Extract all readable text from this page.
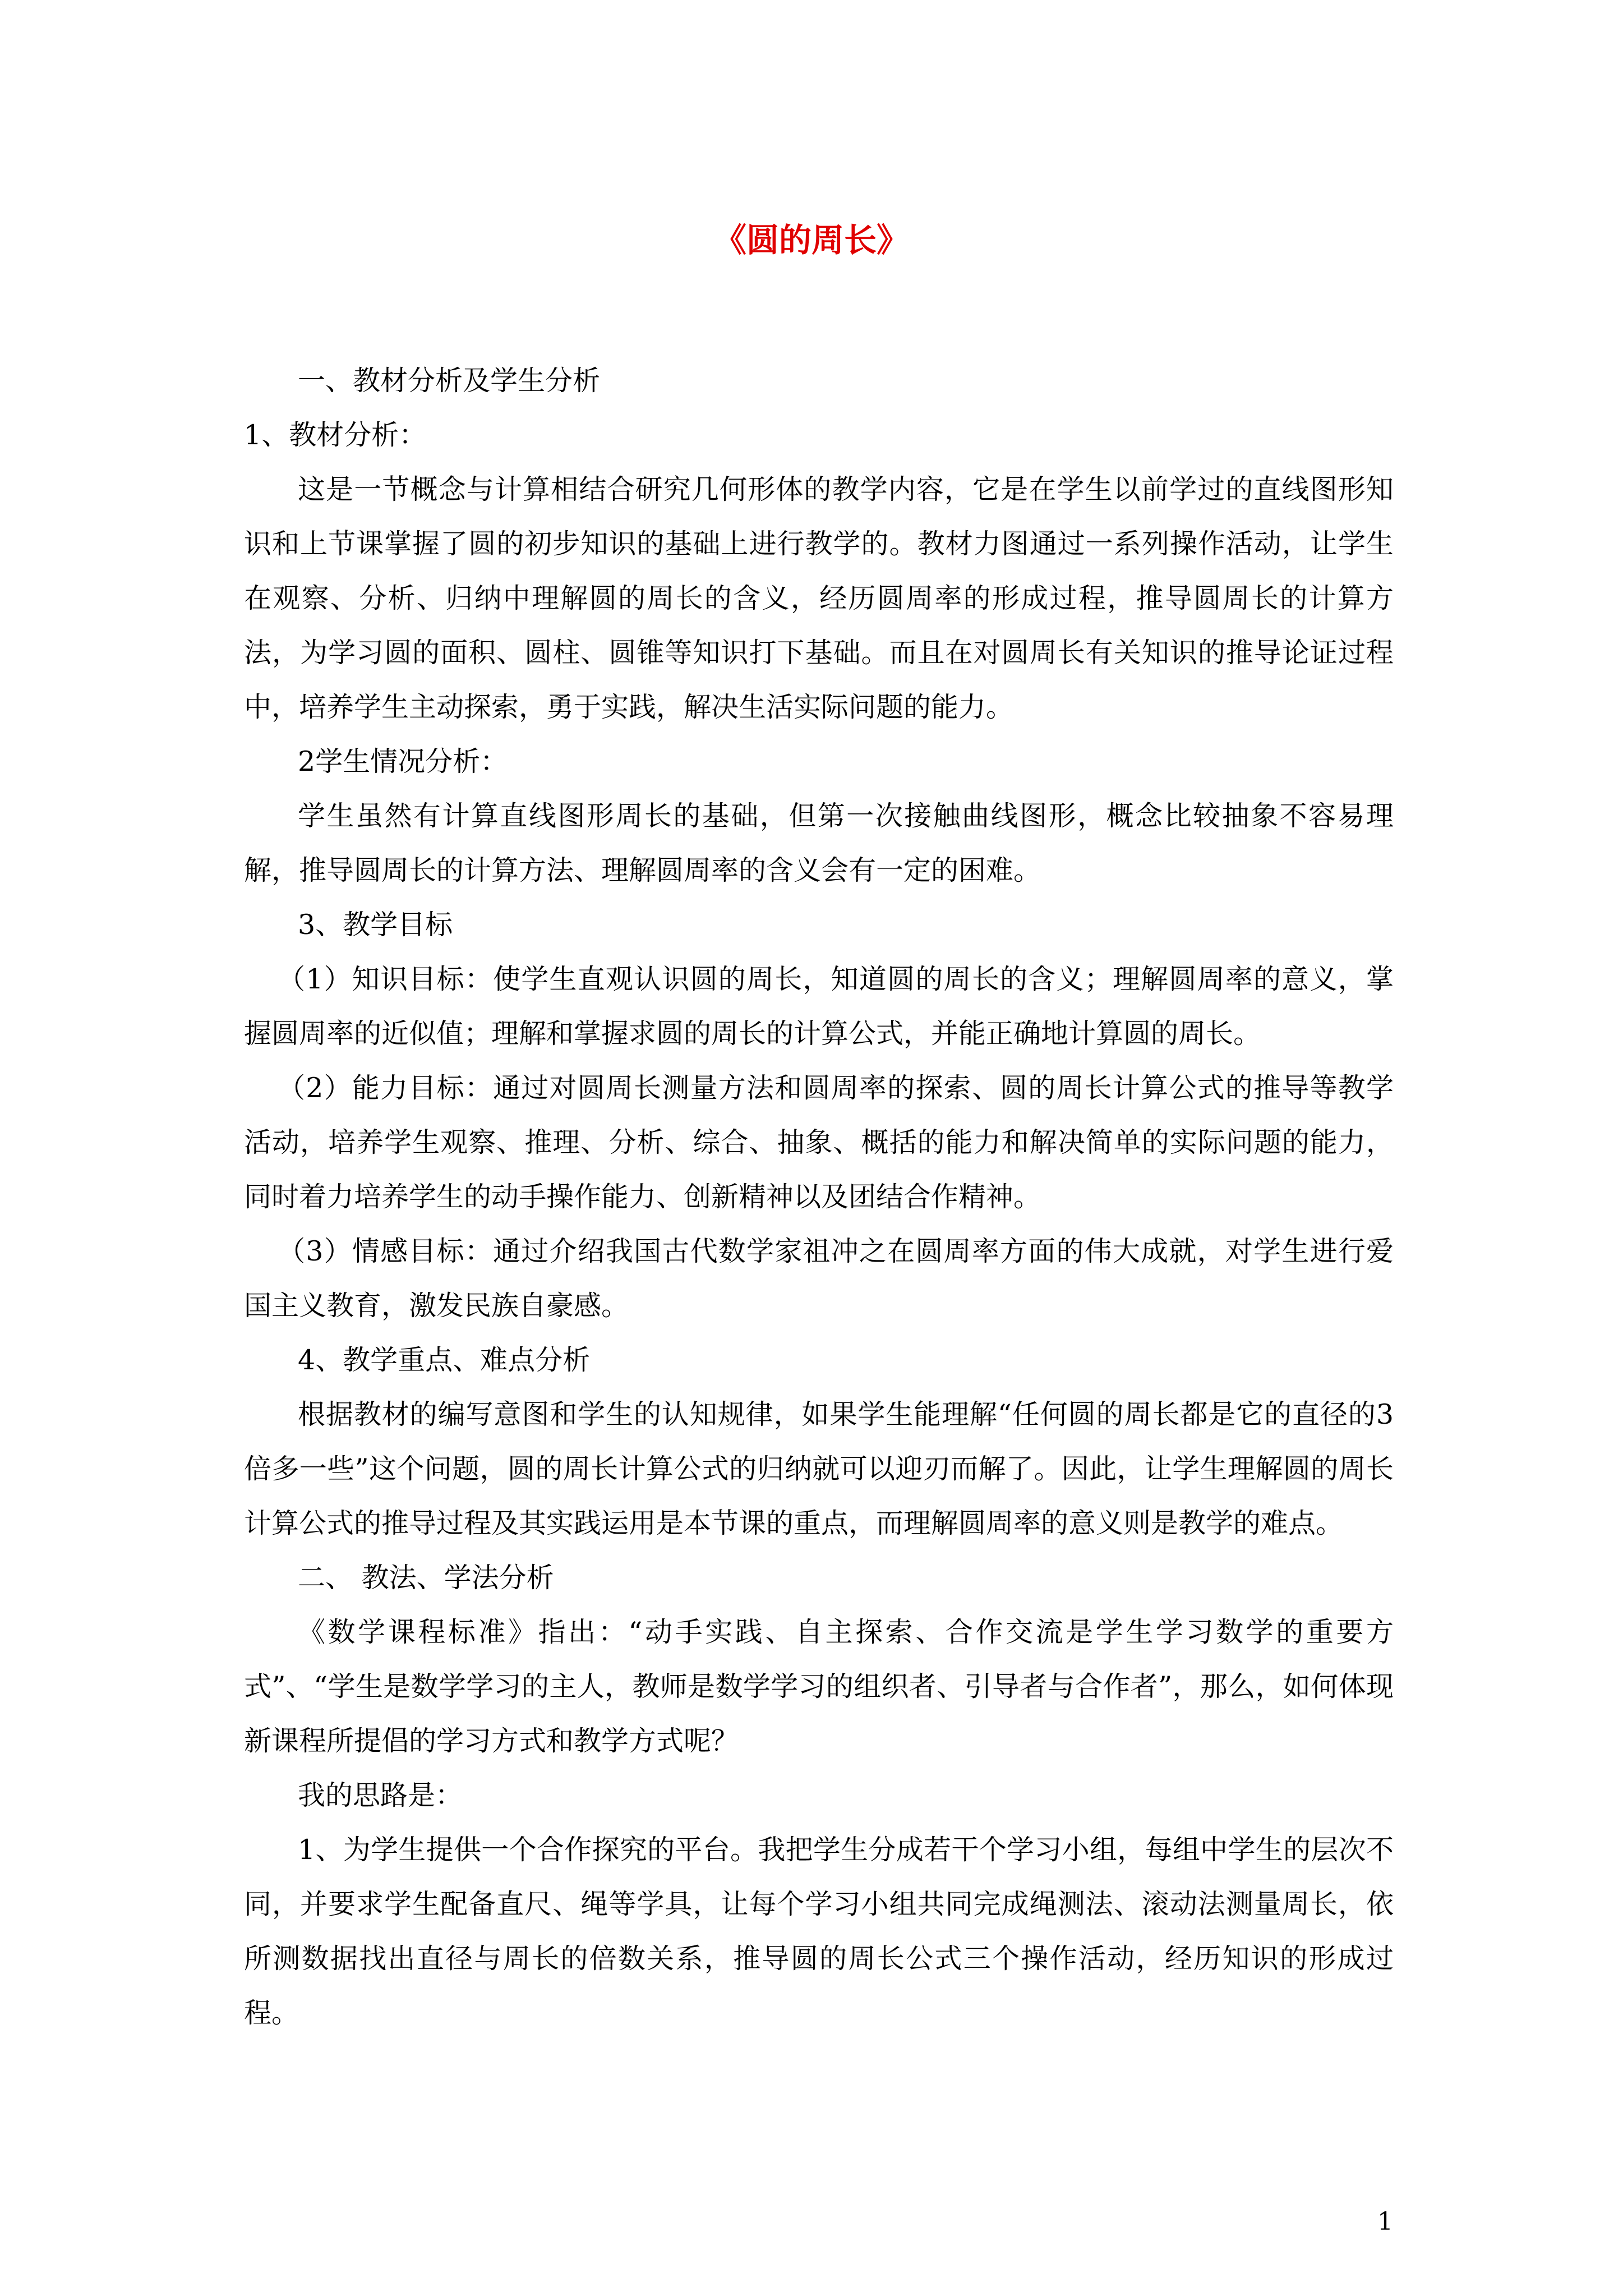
《圆的周长》

一、教材分析及学生分析

1、教材分析：

这是一节概念与计算相结合研究几何形体的教学内容，它是在学生以前学过的直线图形知识和上节课掌握了圆的初步知识的基础上进行教学的。教材力图通过一系列操作活动，让学生在观察、分析、归纳中理解圆的周长的含义，经历圆周率的形成过程，推导圆周长的计算方法，为学习圆的面积、圆柱、圆锥等知识打下基础。而且在对圆周长有关知识的推导论证过程中，培养学生主动探索，勇于实践，解决生活实际问题的能力。

2学生情况分析：

学生虽然有计算直线图形周长的基础，但第一次接触曲线图形，概念比较抽象不容易理解，推导圆周长的计算方法、理解圆周率的含义会有一定的困难。

3、教学目标

（1）知识目标：使学生直观认识圆的周长，知道圆的周长的含义；理解圆周率的意义，掌握圆周率的近似值；理解和掌握求圆的周长的计算公式，并能正确地计算圆的周长。

（2）能力目标：通过对圆周长测量方法和圆周率的探索、圆的周长计算公式的推导等教学活动，培养学生观察、推理、分析、综合、抽象、概括的能力和解决简单的实际问题的能力，同时着力培养学生的动手操作能力、创新精神以及团结合作精神。

（3）情感目标：通过介绍我国古代数学家祖冲之在圆周率方面的伟大成就，对学生进行爱国主义教育，激发民族自豪感。

4、教学重点、难点分析

根据教材的编写意图和学生的认知规律，如果学生能理解“任何圆的周长都是它的直径的3倍多一些”这个问题，圆的周长计算公式的归纳就可以迎刃而解了。因此，让学生理解圆的周长计算公式的推导过程及其实践运用是本节课的重点，而理解圆周率的意义则是教学的难点。

二、 教法、学法分析

《数学课程标准》指出：“动手实践、自主探索、合作交流是学生学习数学的重要方式”、“学生是数学学习的主人，教师是数学学习的组织者、引导者与合作者”，那么，如何体现新课程所提倡的学习方式和教学方式呢？

我的思路是：

1、为学生提供一个合作探究的平台。我把学生分成若干个学习小组，每组中学生的层次不同，并要求学生配备直尺、绳等学具，让每个学习小组共同完成绳测法、滚动法测量周长，依所测数据找出直径与周长的倍数关系，推导圆的周长公式三个操作活动，经历知识的形成过程。

1
